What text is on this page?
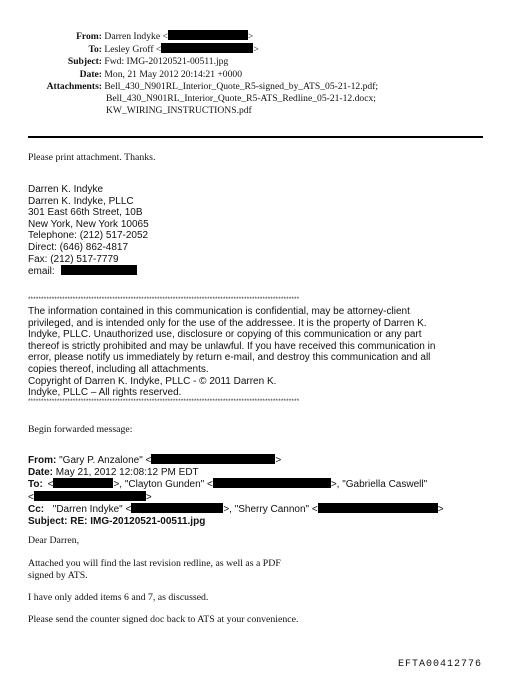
From: Darren Indyke <	>
To: Lesley Groff <	>
Subject: Fwd: IMG-20120521-00511.jpg
Date: Mon, 21 May 2012 20:14:21 +0000
Attachments: Bell_430_N901RL_Interior_Quote_R5-signed_by_ATS_05-21-12.pdf;
Bell_430_N901RL_Interior_Quote_R5-ATS_Redline_05-21-12.docx;
KW_WIRING_INSTRUCTIONS.pdf
Please print attachment. Thanks.
Darren K. Indyke
Darren K. Indyke, PLLC
301 East 66th Street, 10B
New York, New York 10065
Telephone: (212) 517-2052
Direct: (646) 862-4817
Fax: (212) 517-7779
email:
*******************************************************************************************************
The information contained in this communication is confidential, may be attorney-client privileged, and is intended only for the use of the addressee. It is the property of Darren K. Indyke, PLLC. Unauthorized use, disclosure or copying of this communication or any part thereof is strictly prohibited and may be unlawful. If you have received this communication in error, please notify us immediately by return e-mail, and destroy this communication and all copies thereof, including all attachments.
Copyright of Darren K. Indyke, PLLC - © 2011 Darren K.
Indyke, PLLC – All rights reserved.
*******************************************************************************************************
Begin forwarded message:
From: "Gary P. Anzalone" <	>
Date: May 21, 2012 12:08:12 PM EDT
To: <	>, "Clayton Gunden" <	>, "Gabriella Caswell"
<	>
Cc: "Darren Indyke" <	>, "Sherry Cannon" <	>
Subject: RE: IMG-20120521-00511.jpg
Dear Darren,
Attached you will find the last revision redline, as well as a PDF
signed by ATS.
I have only added items 6 and 7, as discussed.
Please send the counter signed doc back to ATS at your convenience.
EFTA00412776
